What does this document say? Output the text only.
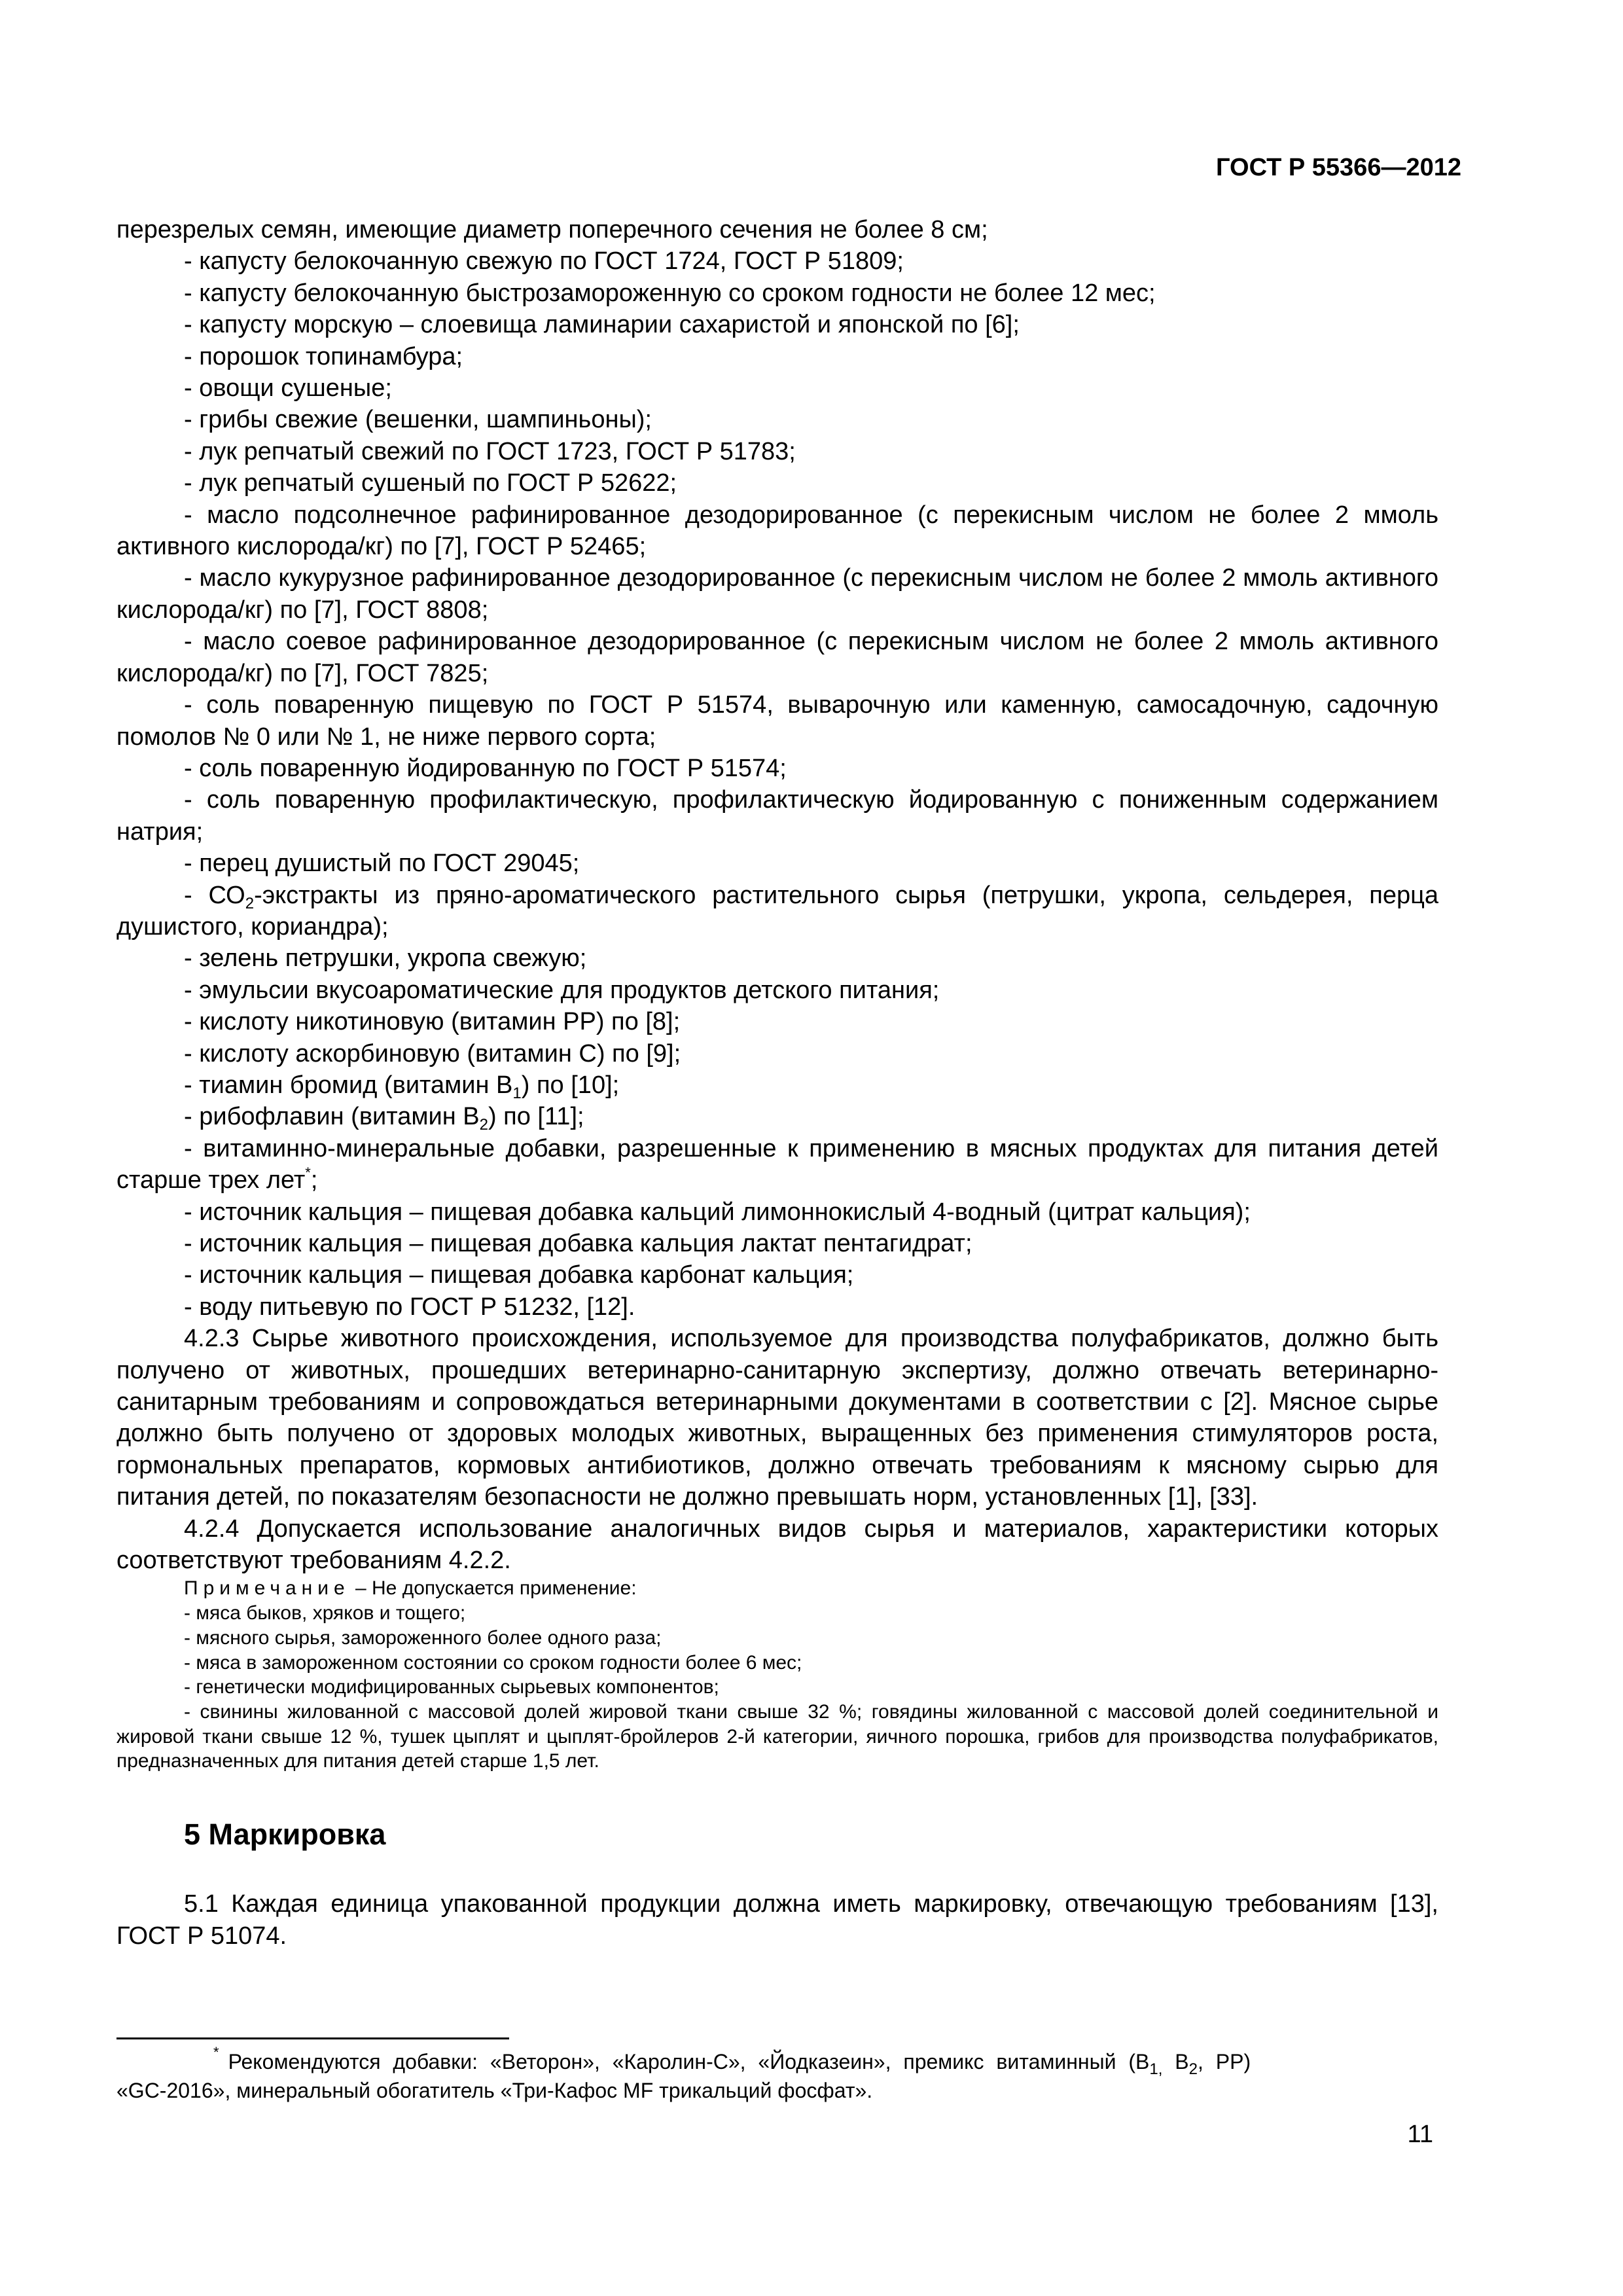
ГОСТ Р 55366—2012

перезрелых семян, имеющие диаметр поперечного сечения не более 8 см;

- капусту белокочанную свежую по ГОСТ 1724, ГОСТ Р 51809;

- капусту белокочанную быстрозамороженную со сроком годности не более 12 мес;

- капусту морскую – слоевища ламинарии сахаристой и японской по [6];

- порошок топинамбура;

- овощи сушеные;

- грибы свежие (вешенки, шампиньоны);

- лук репчатый свежий по ГОСТ 1723, ГОСТ Р 51783;

- лук репчатый сушеный по ГОСТ Р 52622;

- масло подсолнечное рафинированное дезодорированное (с перекисным числом не более 2 ммоль активного кислорода/кг) по [7], ГОСТ Р 52465;

- масло кукурузное рафинированное дезодорированное (с перекисным числом не более 2 ммоль активного кислорода/кг) по [7], ГОСТ 8808;

- масло соевое рафинированное дезодорированное (с перекисным числом не более 2 ммоль активного кислорода/кг) по [7], ГОСТ 7825;

- соль поваренную пищевую по ГОСТ Р 51574, выварочную или каменную, самосадочную, садочную помолов № 0 или № 1, не ниже первого сорта;

- соль поваренную йодированную по ГОСТ Р 51574;

- соль поваренную профилактическую, профилактическую йодированную с пониженным содержанием натрия;

- перец душистый по ГОСТ 29045;

- $СО_2$-экстракты из пряно-ароматического растительного сырья (петрушки, укропа, сельдерея, перца душистого, кориандра);

- зелень петрушки, укропа свежую;

- эмульсии вкусоароматические для продуктов детского питания;

- кислоту никотиновую (витамин РР) по [8];

- кислоту аскорбиновую (витамин С) по [9];

- тиамин бромид (витамин $В_1$) по [10];

- рибофлавин (витамин $В_2$) по [11];

- витаминно-минеральные добавки, разрешенные к применению в мясных продуктах для питания детей старше трех лет*;

- источник кальция – пищевая добавка кальций лимоннокислый 4-водный (цитрат кальция);

- источник кальция – пищевая добавка кальция лактат пентагидрат;

- источник кальция – пищевая добавка карбонат кальция;

- воду питьевую по ГОСТ Р 51232, [12].

4.2.3 Сырье животного происхождения, используемое для производства полуфабрикатов, должно быть получено от животных, прошедших ветеринарно-санитарную экспертизу, должно отвечать ветеринарно-санитарным требованиям и сопровождаться ветеринарными документами в соответствии с [2]. Мясное сырье должно быть получено от здоровых молодых животных, выращенных без применения стимуляторов роста, гормональных препаратов, кормовых антибиотиков, должно отвечать требованиям к мясному сырью для питания детей, по показателям безопасности не должно превышать норм, установленных [1], [33].

4.2.4 Допускается использование аналогичных видов сырья и материалов, характеристики которых соответствуют требованиям 4.2.2.

Примечание – Не допускается применение:

- мяса быков, хряков и тощего;

- мясного сырья, замороженного более одного раза;

- мяса в замороженном состоянии со сроком годности более 6 мес;

- генетически модифицированных сырьевых компонентов;

- свинины жилованной с массовой долей жировой ткани свыше 32 %; говядины жилованной с массовой долей соединительной и жировой ткани свыше 12 %, тушек цыплят и цыплят-бройлеров 2-й категории, яичного порошка, грибов для производства полуфабрикатов, предназначенных для питания детей старше 1,5 лет.

5 Маркировка

5.1 Каждая единица упакованной продукции должна иметь маркировку, отвечающую требованиям [13], ГОСТ Р 51074.

* Рекомендуются добавки: «Веторон», «Каролин-С», «Йодказеин», премикс витаминный ($В_{1,}$ $В_2$, РР)

«GC-2016», минеральный обогатитель «Три-Кафос MF трикальций фосфат».

11
